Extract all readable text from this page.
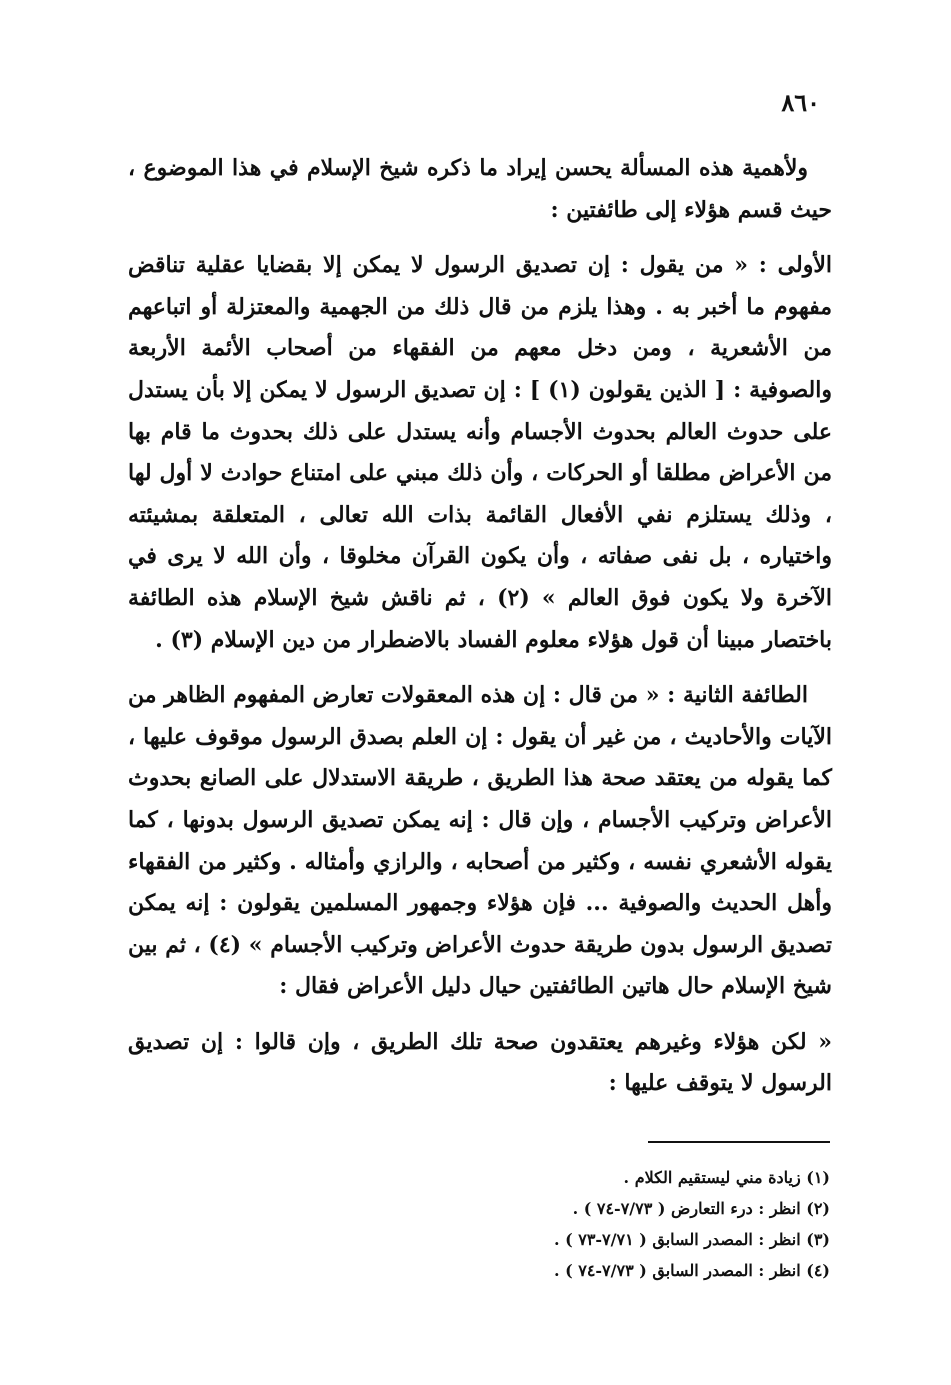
٨٦٠

ولأهمية هذه المسألة يحسن إيراد ما ذكره شيخ الإسلام في هذا الموضوع ، حيث قسم هؤلاء إلى طائفتين :

الأولى : « من يقول : إن تصديق الرسول لا يمكن إلا بقضايا عقلية تناقض مفهوم ما أخبر به . وهذا يلزم من قال ذلك من الجهمية والمعتزلة أو اتباعهم من الأشعرية ، ومن دخل معهم من الفقهاء من أصحاب الأئمة الأربعة والصوفية : [ الذين يقولون (١) ] : إن تصديق الرسول لا يمكن إلا بأن يستدل على حدوث العالم بحدوث الأجسام وأنه يستدل على ذلك بحدوث ما قام بها من الأعراض مطلقا أو الحركات ، وأن ذلك مبني على امتناع حوادث لا أول لها ، وذلك يستلزم نفي الأفعال القائمة بذات الله تعالى ، المتعلقة بمشيئته واختياره ، بل نفى صفاته ، وأن يكون القرآن مخلوقا ، وأن الله لا يرى في الآخرة ولا يكون فوق العالم » (٢) ، ثم ناقش شيخ الإسلام هذه الطائفة باختصار مبينا أن قول هؤلاء معلوم الفساد بالاضطرار من دين الإسلام (٣) .

الطائفة الثانية : « من قال : إن هذه المعقولات تعارض المفهوم الظاهر من الآيات والأحاديث ، من غير أن يقول : إن العلم بصدق الرسول موقوف عليها ، كما يقوله من يعتقد صحة هذا الطريق ، طريقة الاستدلال على الصانع بحدوث الأعراض وتركيب الأجسام ، وإن قال : إنه يمكن تصديق الرسول بدونها ، كما يقوله الأشعري نفسه ، وكثير من أصحابه ، والرازي وأمثاله . وكثير من الفقهاء وأهل الحديث والصوفية ... فإن هؤلاء وجمهور المسلمين يقولون : إنه يمكن تصديق الرسول بدون طريقة حدوث الأعراض وتركيب الأجسام » (٤) ، ثم بين شيخ الإسلام حال هاتين الطائفتين حيال دليل الأعراض فقال :

« لكن هؤلاء وغيرهم يعتقدون صحة تلك الطريق ، وإن قالوا : إن تصديق الرسول لا يتوقف عليها :

(١) زيادة مني ليستقيم الكلام .

(٢) انظر : درء التعارض ( ٧/٧٣-٧٤ ) .

(٣) انظر : المصدر السابق ( ٧/٧١-٧٣ ) .

(٤) انظر : المصدر السابق ( ٧/٧٣-٧٤ ) .
